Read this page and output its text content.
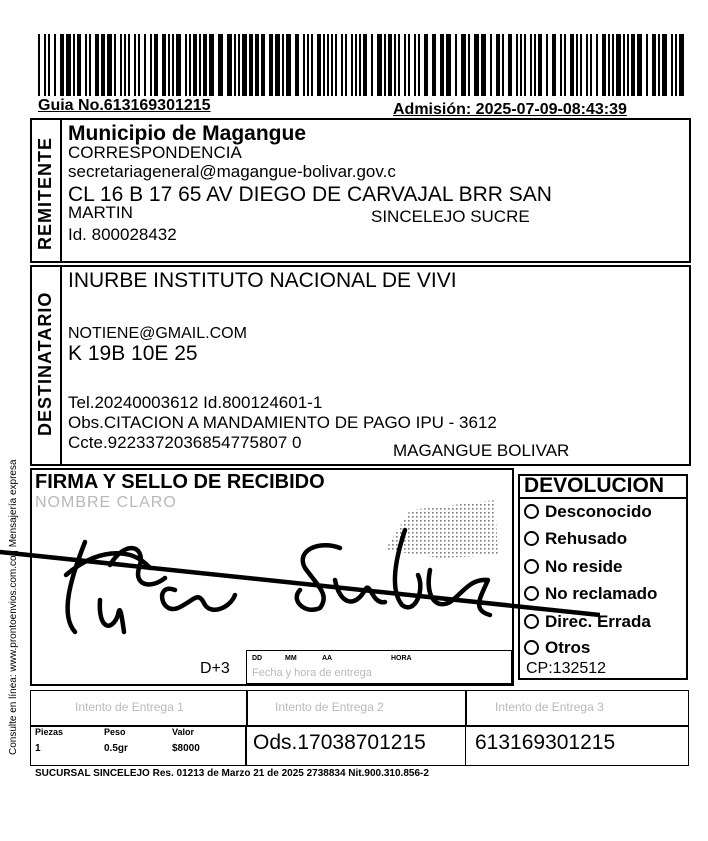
Guia No.613169301215	Admisión: 2025-07-09-08:43:39
Consulte en línea: www.prontoenvios.com.co | Mensajería expresa
REMITENTE
Municipio de Magangue
CORRESPONDENCIA
secretariageneral@magangue-bolivar.gov.c
CL 16 B 17 65 AV DIEGO DE CARVAJAL BRR SAN
MARTIN	SINCELEJO SUCRE
Id. 800028432
DESTINATARIO
INURBE INSTITUTO NACIONAL DE VIVI
NOTIENE@GMAIL.COM
K 19B 10E 25
Tel.20240003612 Id.800124601-1
Obs.CITACION A MANDAMIENTO DE PAGO IPU - 3612
Ccte.9223372036854775807 0	MAGANGUE BOLIVAR
FIRMA Y SELLO DE RECIBIDO
NOMBRE CLARO
D+3
DD	MM	AA	HORA
Fecha y hora de entrega
DEVOLUCION
Desconocido
Rehusado
No reside
No reclamado
Direc. Errada
Otros
CP:132512
Intento de Entrega 1	Intento de Entrega 2	Intento de Entrega 3
Piezas	Peso	Valor
1	0.5gr	$8000	Ods.17038701215 613169301215
SUCURSAL SINCELEJO Res. 01213 de Marzo 21 de 2025 2738834 Nit.900.310.856-2
